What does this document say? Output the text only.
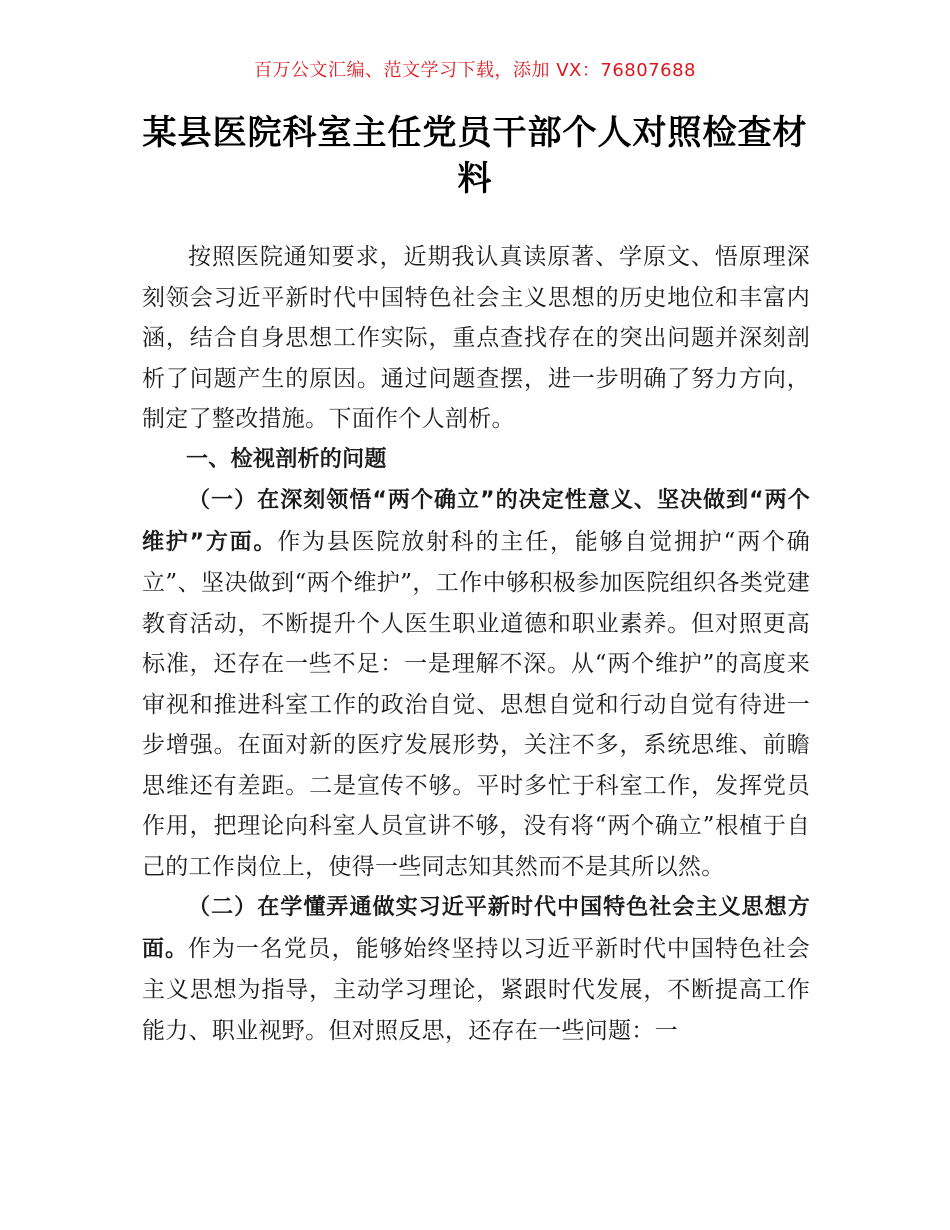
百万公文汇编、范文学习下载，添加 VX：76807688
某县医院科室主任党员干部个人对照检查材料

按照医院通知要求，近期我认真读原著、学原文、悟原理深刻领会习近平新时代中国特色社会主义思想的历史地位和丰富内涵，结合自身思想工作实际，重点查找存在的突出问题并深刻剖析了问题产生的原因。通过问题查摆，进一步明确了努力方向，制定了整改措施。下面作个人剖析。

一、检视剖析的问题

（一）在深刻领悟“两个确立”的决定性意义、坚决做到“两个维护”方面。作为县医院放射科的主任，能够自觉拥护“两个确立”、坚决做到“两个维护”，工作中够积极参加医院组织各类党建教育活动，不断提升个人医生职业道德和职业素养。但对照更高标准，还存在一些不足：一是理解不深。从“两个维护”的高度来审视和推进科室工作的政治自觉、思想自觉和行动自觉有待进一步增强。在面对新的医疗发展形势，关注不多，系统思维、前瞻思维还有差距。二是宣传不够。平时多忙于科室工作，发挥党员作用，把理论向科室人员宣讲不够，没有将“两个确立”根植于自己的工作岗位上，使得一些同志知其然而不是其所以然。

（二）在学懂弄通做实习近平新时代中国特色社会主义思想方面。作为一名党员，能够始终坚持以习近平新时代中国特色社会主义思想为指导，主动学习理论，紧跟时代发展，不断提高工作能力、职业视野。但对照反思，还存在一些问题：一
